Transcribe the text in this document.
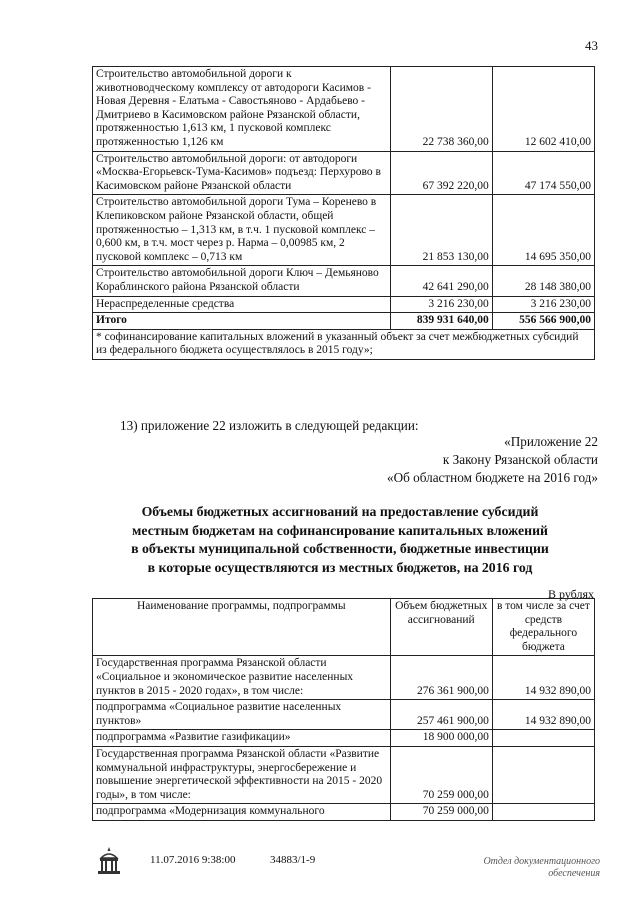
43
Строительство автомобильной дороги к животноводческому комплексу от автодороги Касимов - Новая Деревня - Елатьма - Савостьяново - Ардабьево - Дмитриево в Касимовском районе Рязанской области, протяженностью 1,613 км, 1 пусковой комплекс протяженностью 1,126 км	22 738 360,00	12 602 410,00
Строительство автомобильной дороги: от автодороги «Москва-Егорьевск-Тума-Касимов» подъезд: Перхурово в Касимовском районе Рязанской области	67 392 220,00	47 174 550,00
Строительство автомобильной дороги Тума – Коренево в Клепиковском районе Рязанской области, общей протяженностью – 1,313 км, в т.ч. 1 пусковой комплекс – 0,600 км, в т.ч. мост через р. Нарма – 0,00985 км, 2 пусковой комплекс – 0,713 км	21 853 130,00	14 695 350,00
Строительство автомобильной дороги Ключ – Демьяново Кораблинского района Рязанской области	42 641 290,00	28 148 380,00
Нераспределенные средства	3 216 230,00	3 216 230,00
Итого	839 931 640,00	556 566 900,00
* софинансирование капитальных вложений в указанный объект за счет межбюджетных субсидий из федерального бюджета осуществлялось в 2015 году»;		
13) приложение 22 изложить в следующей редакции:
«Приложение 22
к Закону Рязанской области
«Об областном бюджете на 2016 год»
Объемы бюджетных ассигнований на предоставление субсидий
местным бюджетам на софинансирование капитальных вложений
в объекты муниципальной собственности, бюджетные инвестиции
в которые осуществляются из местных бюджетов, на 2016 год
В рублях
Наименование программы, подпрограммы	Объем бюджетных ассигнований	в том числе за счет средств федерального бюджета
Государственная программа Рязанской области «Социальное и экономическое развитие населенных пунктов в 2015 - 2020 годах», в том числе:	276 361 900,00	14 932 890,00
подпрограмма «Социальное развитие населенных пунктов»	257 461 900,00	14 932 890,00
подпрограмма «Развитие газификации»	18 900 000,00	
Государственная программа Рязанской области «Развитие коммунальной инфраструктуры, энергосбережение и повышение энергетической эффективности на 2015 - 2020 годы», в том числе:	70 259 000,00	
подпрограмма «Модернизация коммунального	70 259 000,00	
11.07.2016 9:38:00	34883/1-9	Отдел документационного
обеспечения
